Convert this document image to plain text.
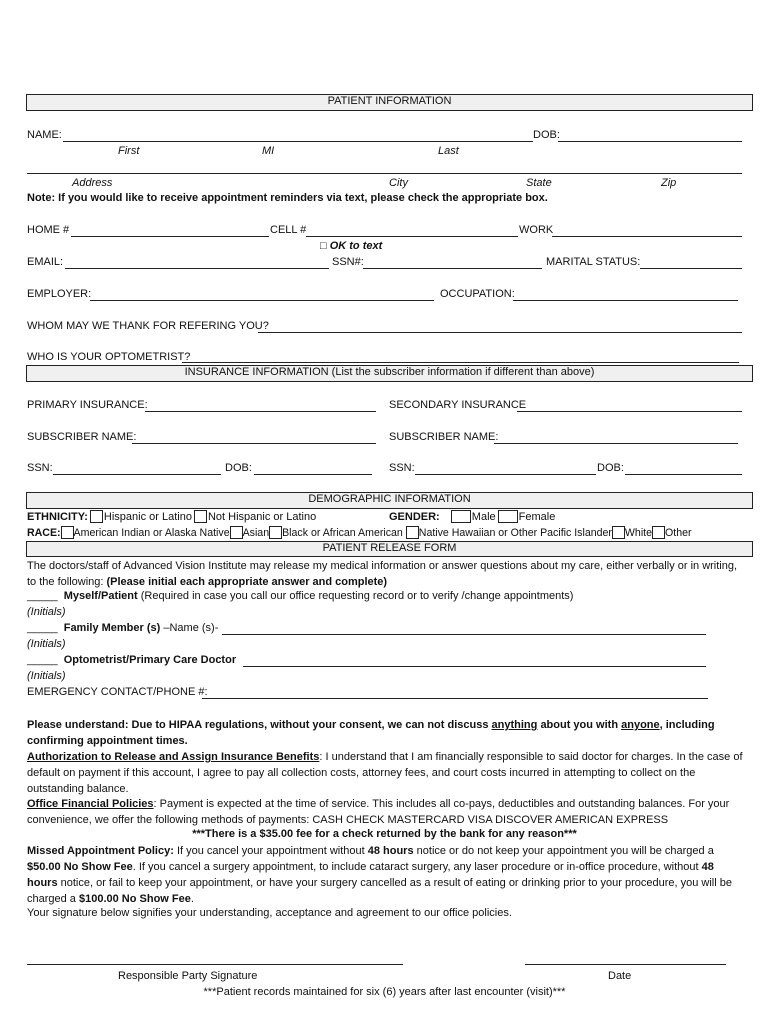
PATIENT INFORMATION
NAME:	DOB:
First	MI	Last
Address	City	State	Zip
Note: If you would like to receive appointment reminders via text, please check the appropriate box.
HOME #	CELL #	WORK
□ OK to text
EMAIL:	SSN#:	MARITAL STATUS:
EMPLOYER:	OCCUPATION:
WHOM MAY WE THANK FOR REFERING YOU?
WHO IS YOUR OPTOMETRIST?
INSURANCE INFORMATION (List the subscriber information if different than above)
PRIMARY INSURANCE:	SECONDARY INSURANCE
SUBSCRIBER NAME:	SUBSCRIBER NAME:
SSN:	DOB:	SSN:	DOB:
DEMOGRAPHIC INFORMATION
ETHNICITY: Hispanic or Latino Not Hispanic or Latino	GENDER:	Male Female
RACE: American Indian or Alaska Native Asian Black or African American Native Hawaiian or Other Pacific Islander White Other
PATIENT RELEASE FORM
The doctors/staff of Advanced Vision Institute may release my medical information or answer questions about my care, either verbally or in writing, to the following: (Please initial each appropriate answer and complete)
_____ Myself/Patient (Required in case you call our office requesting record or to verify /change appointments)
(Initials)
_____ Family Member (s) –Name (s)-
(Initials)
_____ Optometrist/Primary Care Doctor
(Initials)
EMERGENCY CONTACT/PHONE #:
Please understand: Due to HIPAA regulations, without your consent, we can not discuss anything about you with anyone, including confirming appointment times.
Authorization to Release and Assign Insurance Benefits: I understand that I am financially responsible to said doctor for charges. In the case of default on payment if this account, I agree to pay all collection costs, attorney fees, and court costs incurred in attempting to collect on the outstanding balance.
Office Financial Policies: Payment is expected at the time of service. This includes all co-pays, deductibles and outstanding balances. For your convenience, we offer the following methods of payments: CASH CHECK MASTERCARD VISA DISCOVER AMERICAN EXPRESS
***There is a $35.00 fee for a check returned by the bank for any reason***
Missed Appointment Policy: If you cancel your appointment without 48 hours notice or do not keep your appointment you will be charged a $50.00 No Show Fee. If you cancel a surgery appointment, to include cataract surgery, any laser procedure or in-office procedure, without 48 hours notice, or fail to keep your appointment, or have your surgery cancelled as a result of eating or drinking prior to your procedure, you will be charged a $100.00 No Show Fee.
Your signature below signifies your understanding, acceptance and agreement to our office policies.
Responsible Party Signature	Date
***Patient records maintained for six (6) years after last encounter (visit)***
